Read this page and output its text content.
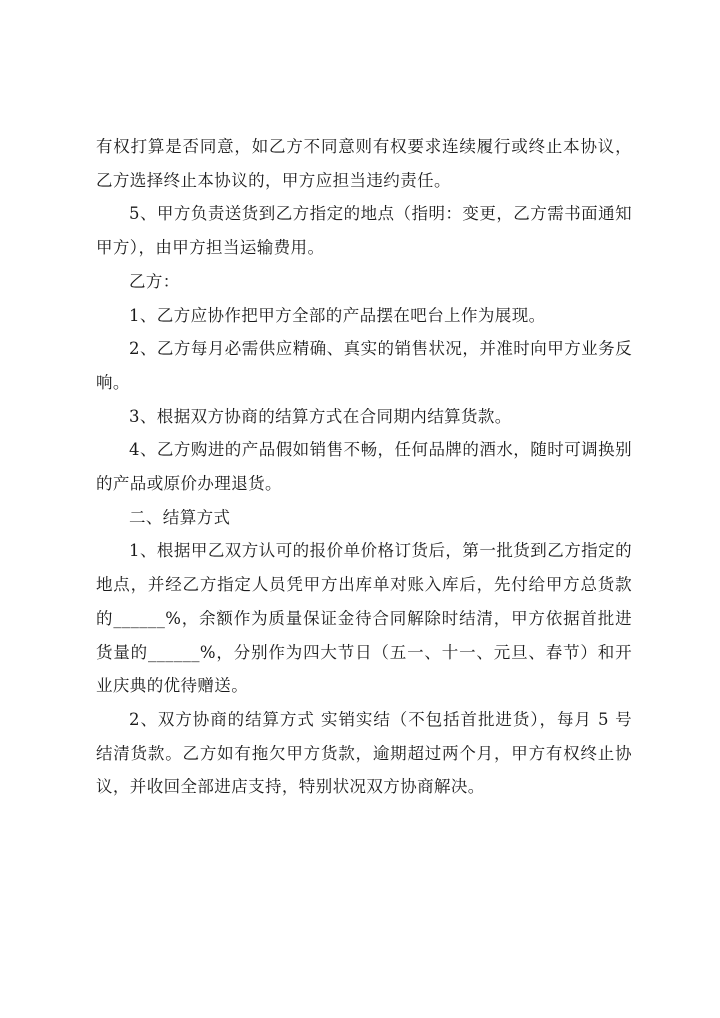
有权打算是否同意，如乙方不同意则有权要求连续履行或终止本协议，乙方选择终止本协议的，甲方应担当违约责任。

5、甲方负责送货到乙方指定的地点（指明：变更，乙方需书面通知甲方），由甲方担当运输费用。

乙方：

1、乙方应协作把甲方全部的产品摆在吧台上作为展现。

2、乙方每月必需供应精确、真实的销售状况，并准时向甲方业务反响。

3、根据双方协商的结算方式在合同期内结算货款。

4、乙方购进的产品假如销售不畅，任何品牌的酒水，随时可调换别的产品或原价办理退货。

二、结算方式

1、根据甲乙双方认可的报价单价格订货后，第一批货到乙方指定的地点，并经乙方指定人员凭甲方出库单对账入库后，先付给甲方总货款的______%，余额作为质量保证金待合同解除时结清，甲方依据首批进货量的______%，分别作为四大节日（五一、十一、元旦、春节）和开业庆典的优待赠送。

2、双方协商的结算方式 实销实结（不包括首批进货），每月 5 号结清货款。乙方如有拖欠甲方货款，逾期超过两个月，甲方有权终止协议，并收回全部进店支持，特别状况双方协商解决。
